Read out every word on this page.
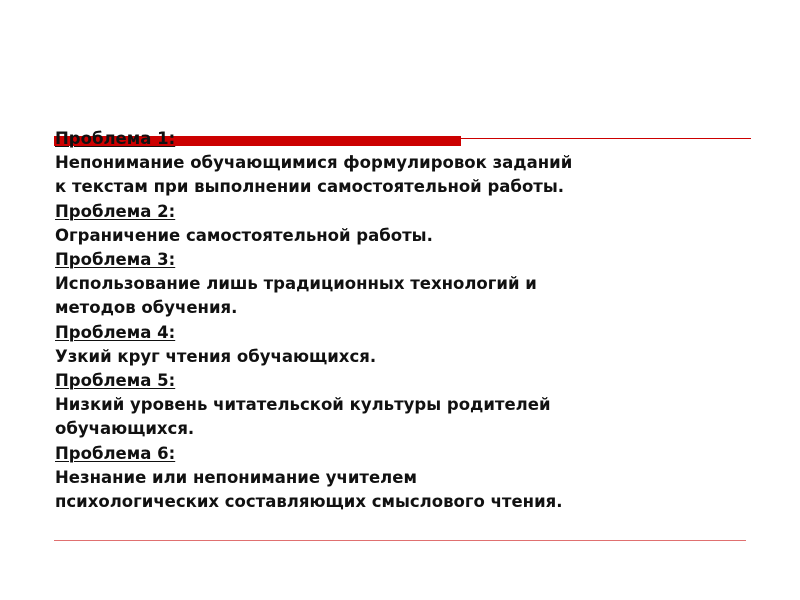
Проблема 1:
Непонимание обучающимися формулировок заданий
к текстам при выполнении самостоятельной работы.
Проблема 2:
Ограничение самостоятельной работы.
Проблема 3:
Использование лишь традиционных технологий и
методов обучения.
Проблема 4:
Узкий круг чтения обучающихся.
Проблема 5:
Низкий уровень читательской культуры родителей
обучающихся.
Проблема 6:
Незнание или непонимание учителем
психологических составляющих смыслового чтения.
